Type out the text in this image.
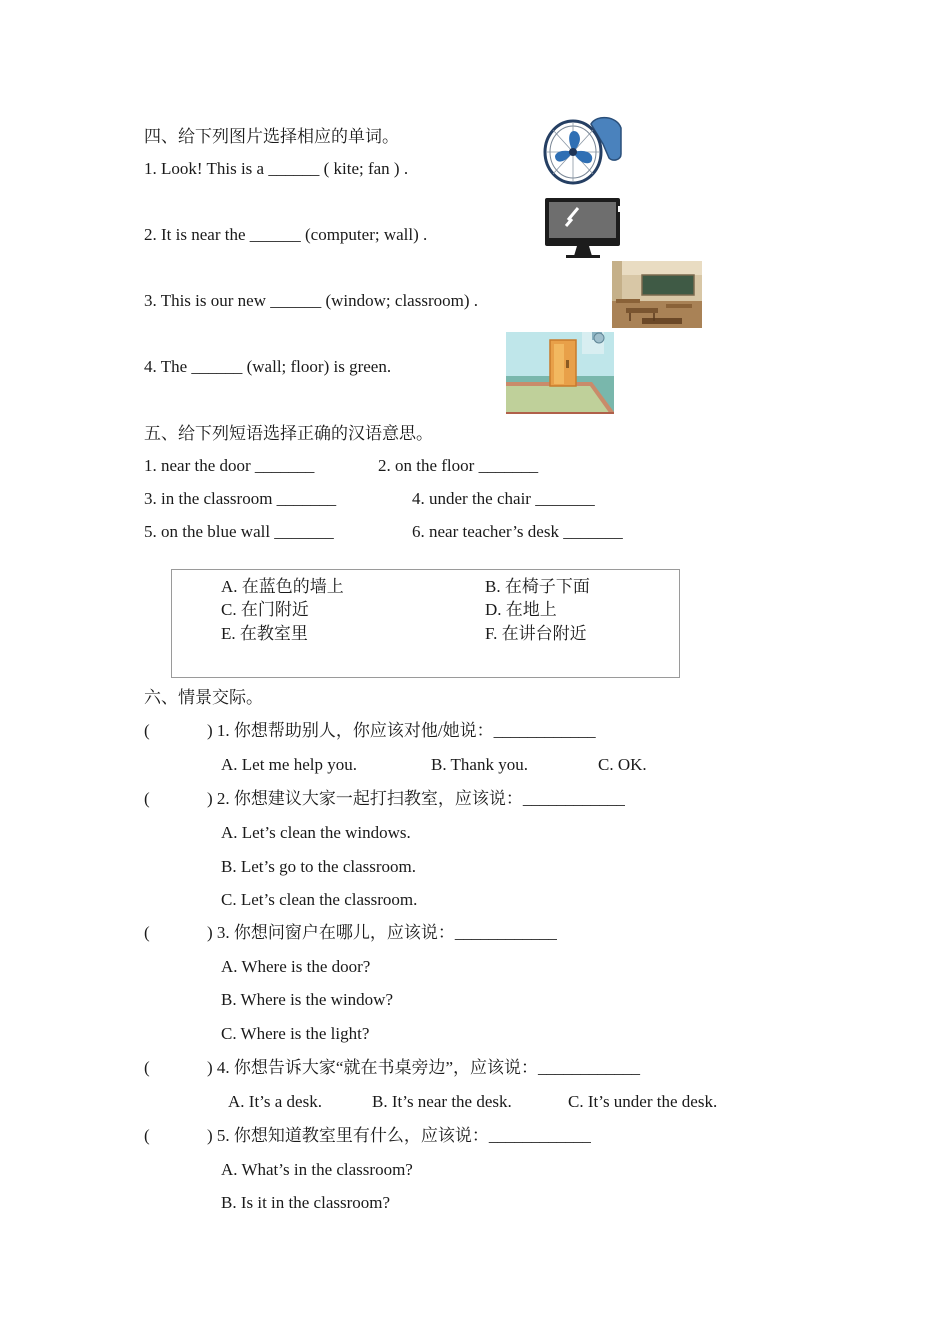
四、给下列图片选择相应的单词。
1. Look! This is a ______ ( kite; fan ) .
2. It is near the ______ (computer; wall) .
3. This is our new ______ (window; classroom) .
4. The ______ (wall; floor) is green.
五、给下列短语选择正确的汉语意思。
1. near the door _______	2. on the floor _______
3. in the classroom _______	4. under the chair _______
5. on the blue wall _______	6. near teacher’s desk _______
A. 在蓝色的墙上	B. 在椅子下面
C. 在门附近	D. 在地上
E. 在教室里	F. 在讲台附近
六、情景交际。
(	) 1. 你想帮助别人，你应该对他/她说：____________
A. Let me help you.	B. Thank you.	C. OK.
(	) 2. 你想建议大家一起打扫教室，应该说：____________
A. Let’s clean the windows.
B. Let’s go to the classroom.
C. Let’s clean the classroom.
(	) 3. 你想问窗户在哪儿，应该说：____________
A. Where is the door?
B. Where is the window?
C. Where is the light?
(	) 4. 你想告诉大家“就在书桌旁边”，应该说：____________
A. It’s a desk.	B. It’s near the desk.	C. It’s under the desk.
(	) 5. 你想知道教室里有什么，应该说：____________
A. What’s in the classroom?
B. Is it in the classroom?
